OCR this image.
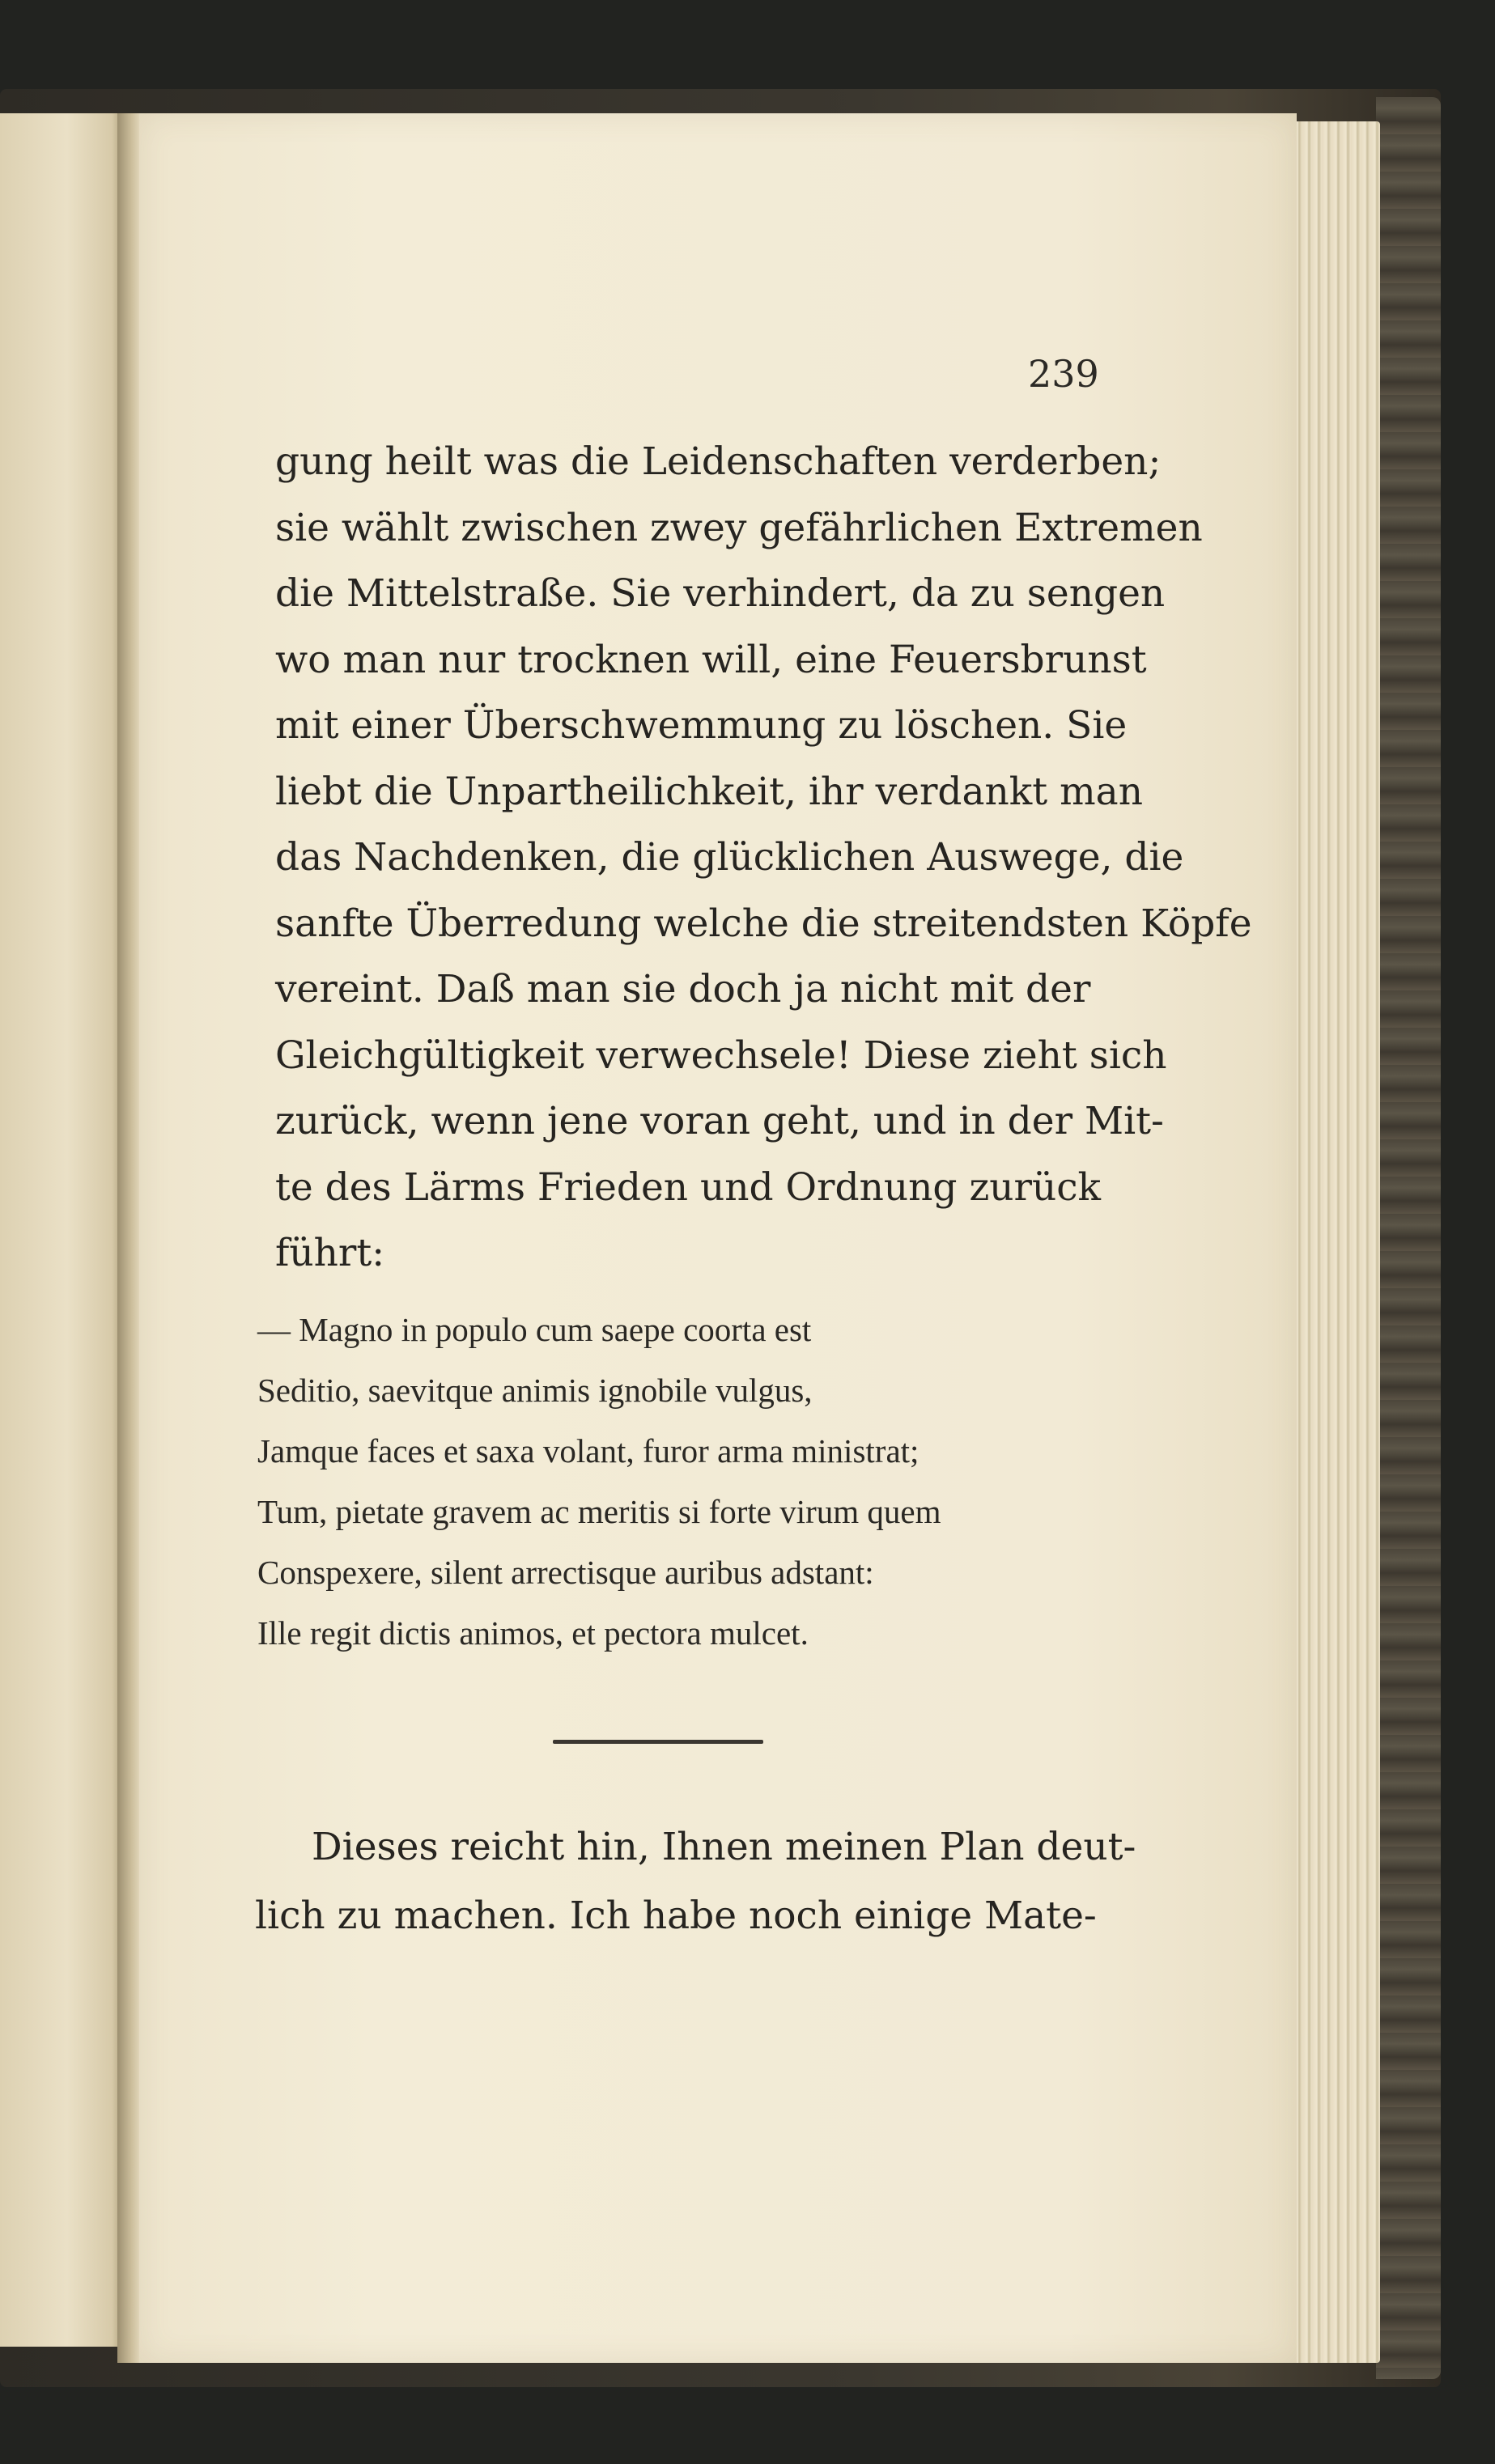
239
gung heilt was die Leidenschaften verderben;
sie wählt zwischen zwey gefährlichen Extremen
die Mittelstraße. Sie verhindert, da zu sengen
wo man nur trocknen will, eine Feuersbrunst
mit einer Überschwemmung zu löschen. Sie
liebt die Unpartheilichkeit, ihr verdankt man
das Nachdenken, die glücklichen Auswege, die
sanfte Überredung welche die streitendsten Köpfe
vereint. Daß man sie doch ja nicht mit der
Gleichgültigkeit verwechsele! Diese zieht sich
zurück, wenn jene voran geht, und in der Mit-
te des Lärms Frieden und Ordnung zurück
führt:
— Magno in populo cum saepe coorta est
Seditio, saevitque animis ignobile vulgus,
Jamque faces et saxa volant, furor arma ministrat;
Tum, pietate gravem ac meritis si forte virum quem
Conspexere, silent arrectisque auribus adstant:
Ille regit dictis animos, et pectora mulcet.
Dieses reicht hin, Ihnen meinen Plan deut-
lich zu machen. Ich habe noch einige Mate-
